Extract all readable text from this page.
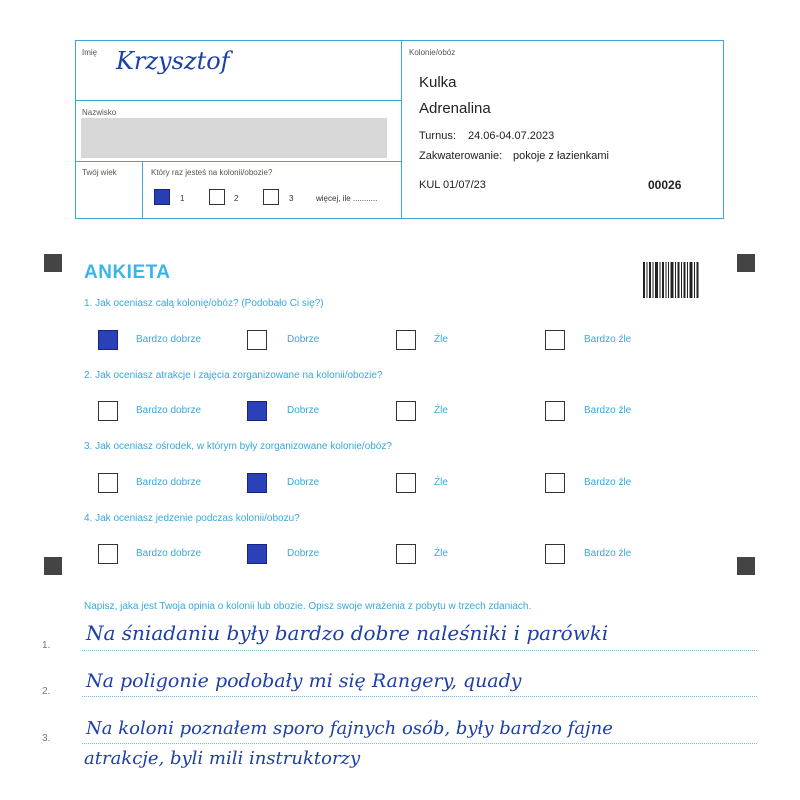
Imię Krzysztof
Nazwisko
Twój wiek	Który raz jesteś na kolonii/obozie?
1	2	3	więcej, ile ...........
Kolonie/obóz
Kulka
Adrenalina
Turnus: 24.06-04.07.2023
Zakwaterowanie: pokoje z łazienkami
KUL 01/07/23	00026
ANKIETA
1. Jak oceniasz całą kolonię/obóz? (Podobało Ci się?)
Bardzo dobrze	Dobrze	Źle	Bardzo źle
2. Jak oceniasz atrakcje i zajęcia zorganizowane na kolonii/obozie?
Bardzo dobrze	Dobrze	Źle	Bardzo źle
3. Jak oceniasz ośrodek, w którym były zorganizowane kolonie/obóz?
Bardzo dobrze	Dobrze	Źle	Bardzo źle
4. Jak oceniasz jedzenie podczas kolonii/obozu?
Bardzo dobrze	Dobrze	Źle	Bardzo źle
Napisz, jaka jest Twoja opinia o kolonii lub obozie. Opisz swoje wrażenia z pobytu w trzech zdaniach.
1.
Na śniadaniu były bardzo dobre naleśniki i parówki
2. Na poligonie podobały mi się Rangery, quady
3. Na koloni poznałem sporo fajnych osób, były bardzo fajne
atrakcje, byli mili instruktorzy
